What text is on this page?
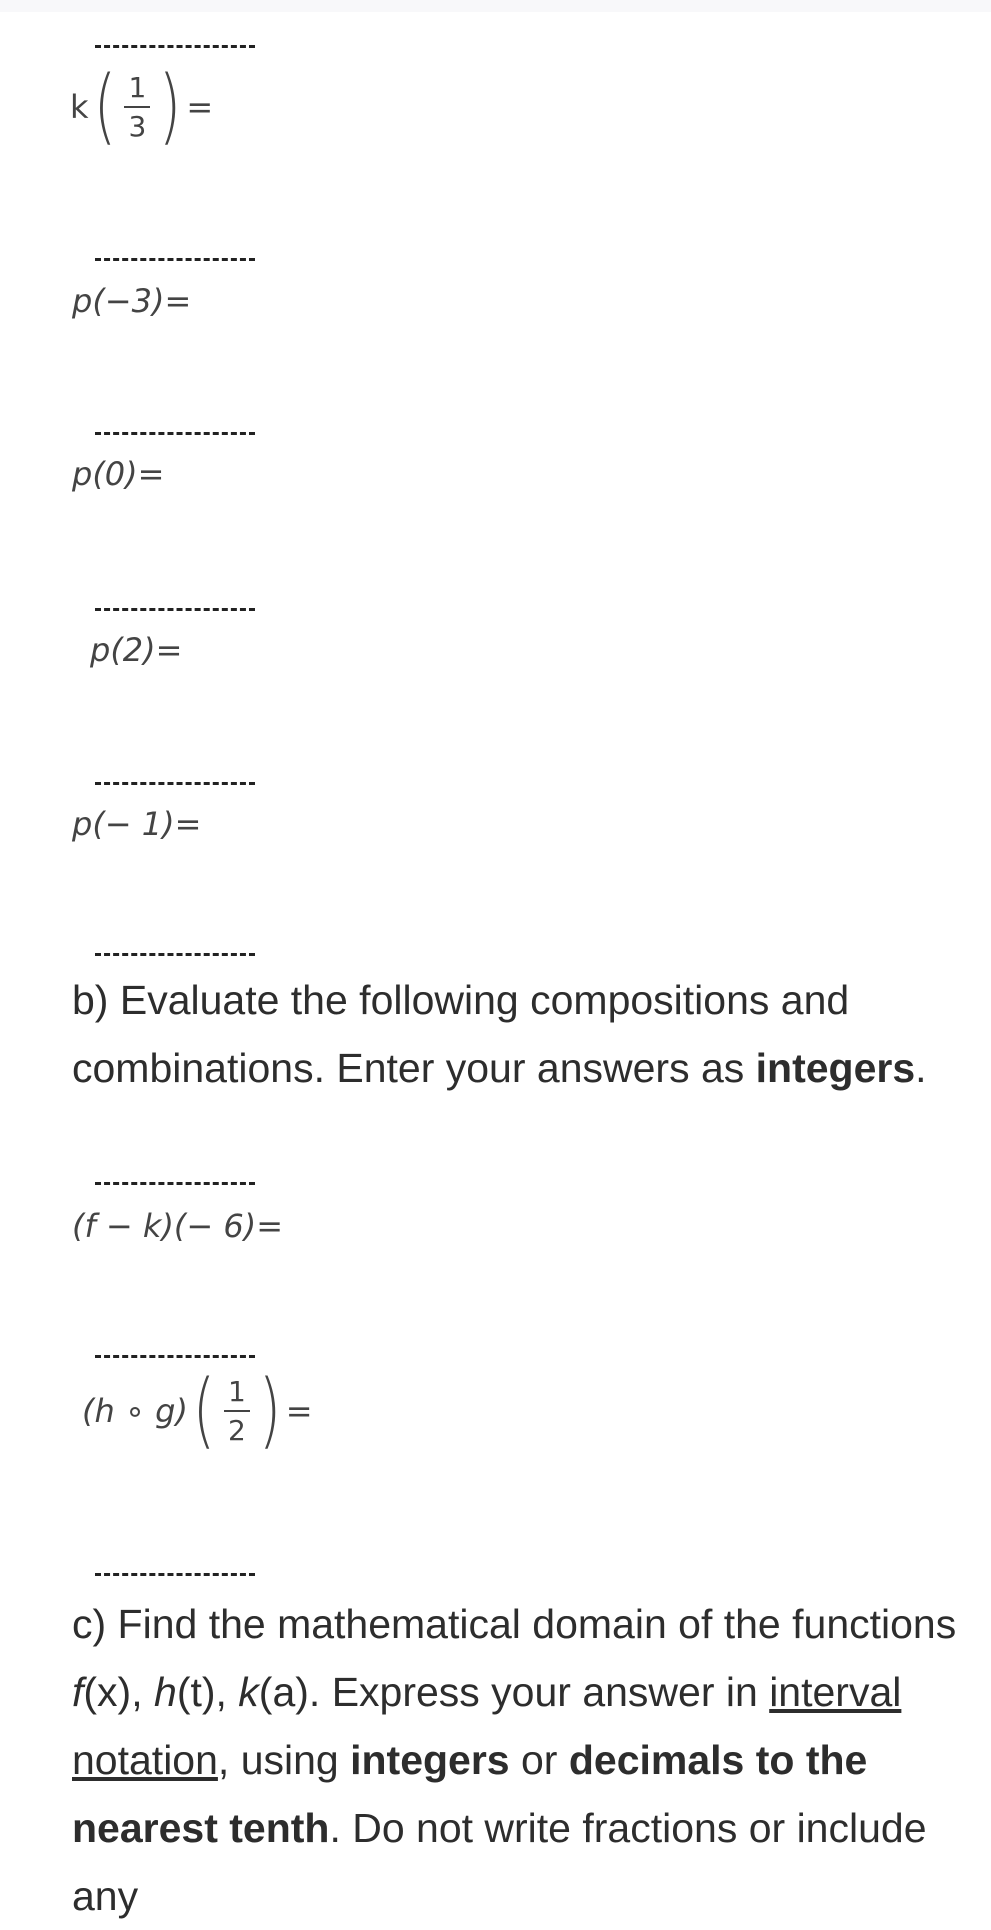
k ( $\frac{1}{3}$ ) =
p(−3)=
p(0)=
p(2)=
p(− 1)=
b) Evaluate the following compositions and combinations. Enter your answers as integers.
(f − k)(− 6)=
(h ∘ g) ( $\frac{1}{2}$ ) =
c) Find the mathematical domain of the functions f(x), h(t), k(a). Express your answer in interval notation, using integers or decimals to the nearest tenth. Do not write fractions or include any
